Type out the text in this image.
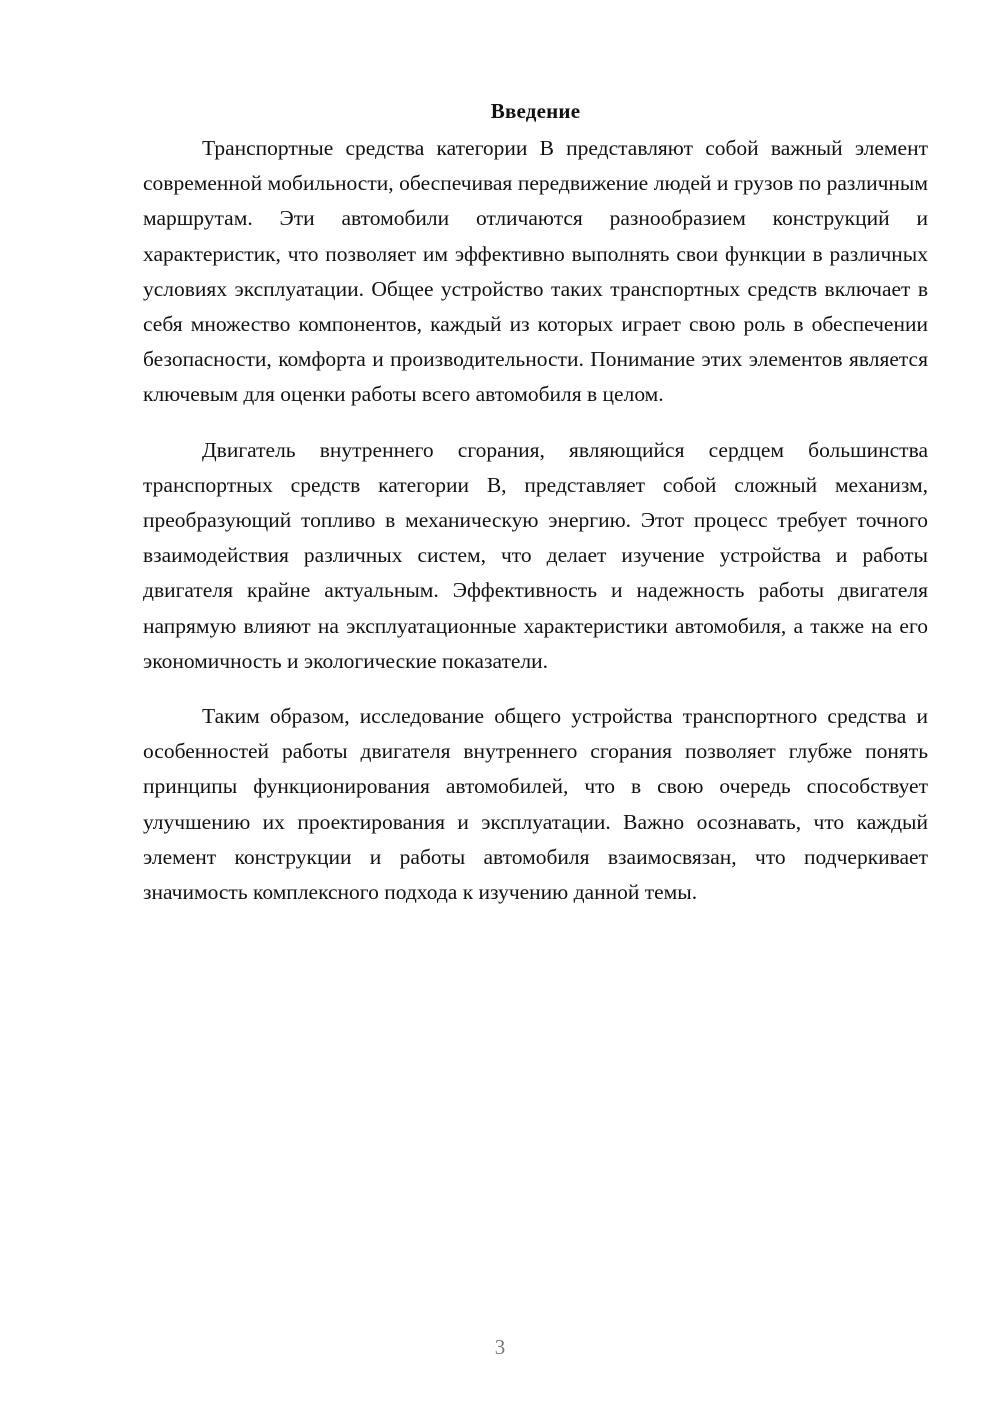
Введение

Транспортные средства категории B представляют собой важный элемент современной мобильности, обеспечивая передвижение людей и грузов по различным маршрутам. Эти автомобили отличаются разнообразием конструкций и характеристик, что позволяет им эффективно выполнять свои функции в различных условиях эксплуатации. Общее устройство таких транспортных средств включает в себя множество компонентов, каждый из которых играет свою роль в обеспечении безопасности, комфорта и производительности. Понимание этих элементов является ключевым для оценки работы всего автомобиля в целом.

Двигатель внутреннего сгорания, являющийся сердцем большинства транспортных средств категории B, представляет собой сложный механизм, преобразующий топливо в механическую энергию. Этот процесс требует точного взаимодействия различных систем, что делает изучение устройства и работы двигателя крайне актуальным. Эффективность и надежность работы двигателя напрямую влияют на эксплуатационные характеристики автомобиля, а также на его экономичность и экологические показатели.

Таким образом, исследование общего устройства транспортного средства и особенностей работы двигателя внутреннего сгорания позволяет глубже понять принципы функционирования автомобилей, что в свою очередь способствует улучшению их проектирования и эксплуатации. Важно осознавать, что каждый элемент конструкции и работы автомобиля взаимосвязан, что подчеркивает значимость комплексного подхода к изучению данной темы.

3
